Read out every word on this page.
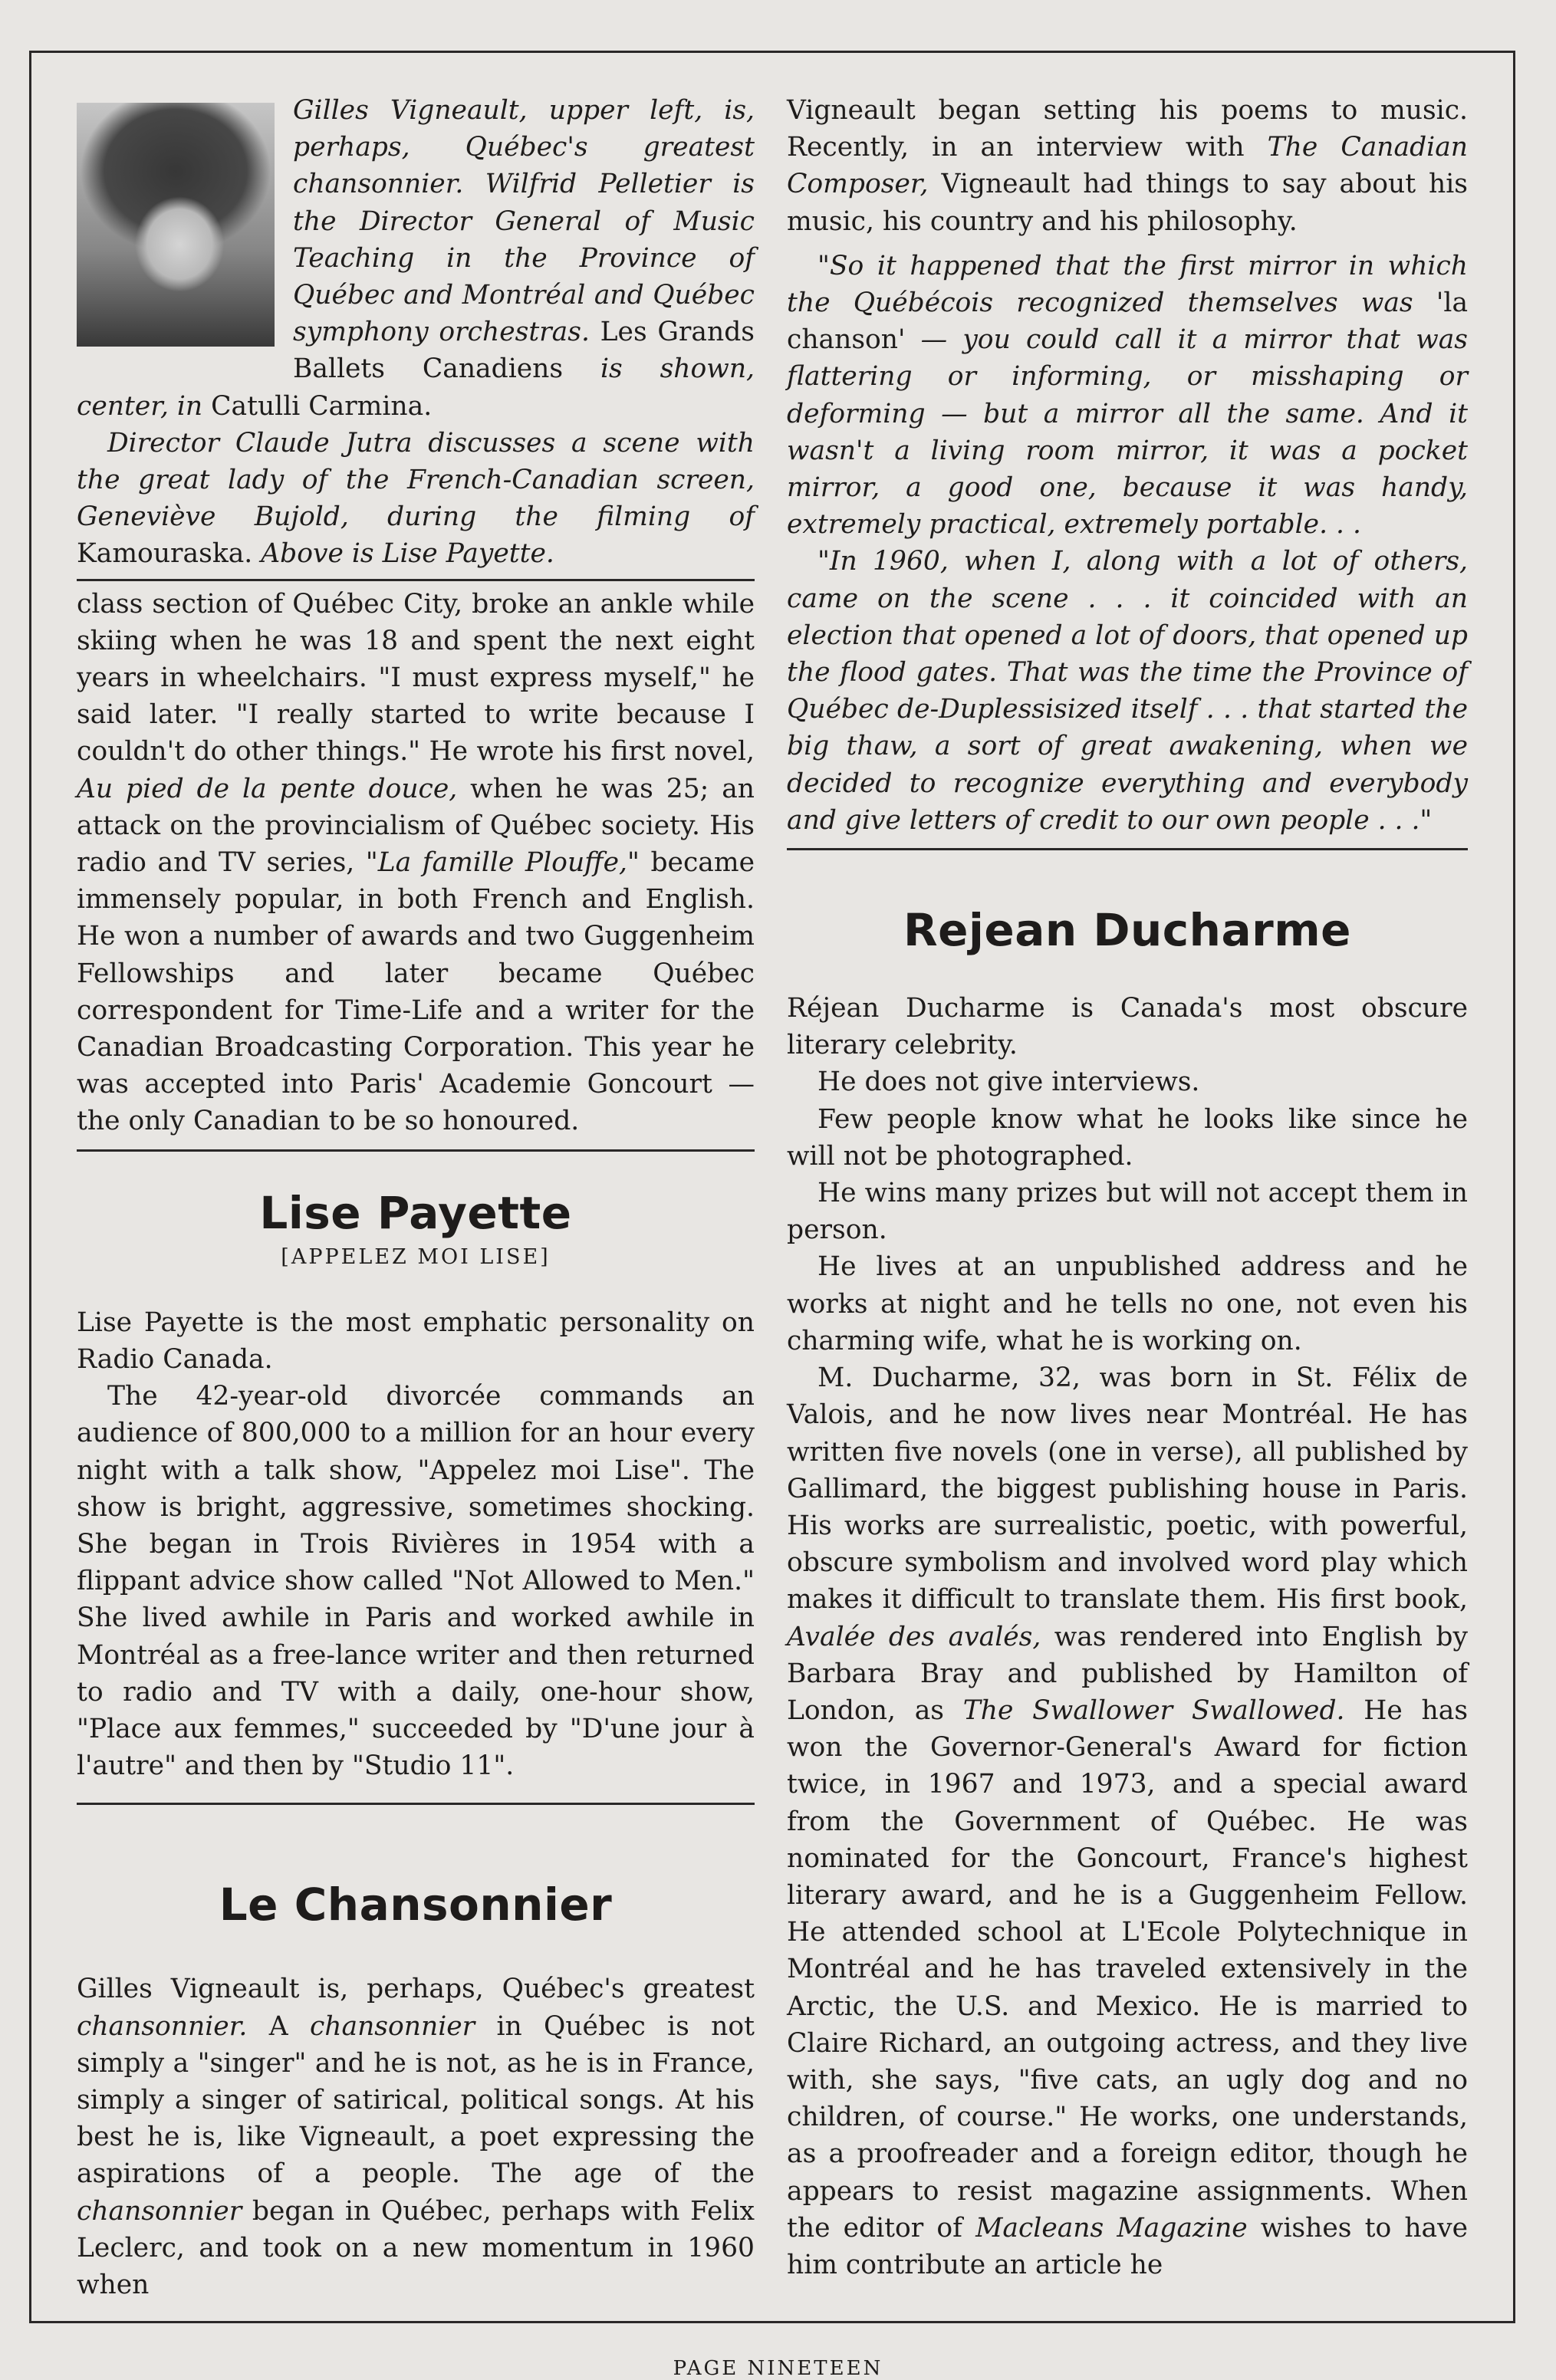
Gilles Vigneault, upper left, is, perhaps, Québec's greatest chansonnier. Wilfrid Pelletier is the Director General of Music Teaching in the Province of Québec and Montréal and Québec symphony orchestras. Les Grands Ballets Canadiens is shown, center, in Catulli Carmina.

Director Claude Jutra discusses a scene with the great lady of the French-Canadian screen, Geneviève Bujold, during the filming of Kamouraska. Above is Lise Payette.

class section of Québec City, broke an ankle while skiing when he was 18 and spent the next eight years in wheelchairs. "I must express myself," he said later. "I really started to write because I couldn't do other things." He wrote his first novel, Au pied de la pente douce, when he was 25; an attack on the provincialism of Québec society. His radio and TV series, "La famille Plouffe," became immensely popular, in both French and English. He won a number of awards and two Guggenheim Fellowships and later became Québec correspondent for Time-Life and a writer for the Canadian Broadcasting Corporation. This year he was accepted into Paris' Academie Goncourt — the only Canadian to be so honoured.

Lise Payette
[APPELEZ MOI LISE]

Lise Payette is the most emphatic personality on Radio Canada.

The 42-year-old divorcée commands an audience of 800,000 to a million for an hour every night with a talk show, "Appelez moi Lise". The show is bright, aggressive, sometimes shocking. She began in Trois Rivières in 1954 with a flippant advice show called "Not Allowed to Men." She lived awhile in Paris and worked awhile in Montréal as a free-lance writer and then returned to radio and TV with a daily, one-hour show, "Place aux femmes," succeeded by "D'une jour à l'autre" and then by "Studio 11".

Le Chansonnier

Gilles Vigneault is, perhaps, Québec's greatest chansonnier. A chansonnier in Québec is not simply a "singer" and he is not, as he is in France, simply a singer of satirical, political songs. At his best he is, like Vigneault, a poet expressing the aspirations of a people. The age of the chansonnier began in Québec, perhaps with Felix Leclerc, and took on a new momentum in 1960 when

Vigneault began setting his poems to music. Recently, in an interview with The Canadian Composer, Vigneault had things to say about his music, his country and his philosophy.

"So it happened that the first mirror in which the Québécois recognized themselves was 'la chanson' — you could call it a mirror that was flattering or informing, or misshaping or deforming — but a mirror all the same. And it wasn't a living room mirror, it was a pocket mirror, a good one, because it was handy, extremely practical, extremely portable. . .

"In 1960, when I, along with a lot of others, came on the scene . . . it coincided with an election that opened a lot of doors, that opened up the flood gates. That was the time the Province of Québec de-Duplessisized itself . . . that started the big thaw, a sort of great awakening, when we decided to recognize everything and everybody and give letters of credit to our own people . . ."

Rejean Ducharme

Réjean Ducharme is Canada's most obscure literary celebrity.

He does not give interviews.

Few people know what he looks like since he will not be photographed.

He wins many prizes but will not accept them in person.

He lives at an unpublished address and he works at night and he tells no one, not even his charming wife, what he is working on.

M. Ducharme, 32, was born in St. Félix de Valois, and he now lives near Montréal. He has written five novels (one in verse), all published by Gallimard, the biggest publishing house in Paris. His works are surrealistic, poetic, with powerful, obscure symbolism and involved word play which makes it difficult to translate them. His first book, Avalée des avalés, was rendered into English by Barbara Bray and published by Hamilton of London, as The Swallower Swallowed. He has won the Governor-General's Award for fiction twice, in 1967 and 1973, and a special award from the Government of Québec. He was nominated for the Goncourt, France's highest literary award, and he is a Guggenheim Fellow. He attended school at L'Ecole Polytechnique in Montréal and he has traveled extensively in the Arctic, the U.S. and Mexico. He is married to Claire Richard, an outgoing actress, and they live with, she says, "five cats, an ugly dog and no children, of course." He works, one understands, as a proofreader and a foreign editor, though he appears to resist magazine assignments. When the editor of Macleans Magazine wishes to have him contribute an article he

PAGE NINETEEN
